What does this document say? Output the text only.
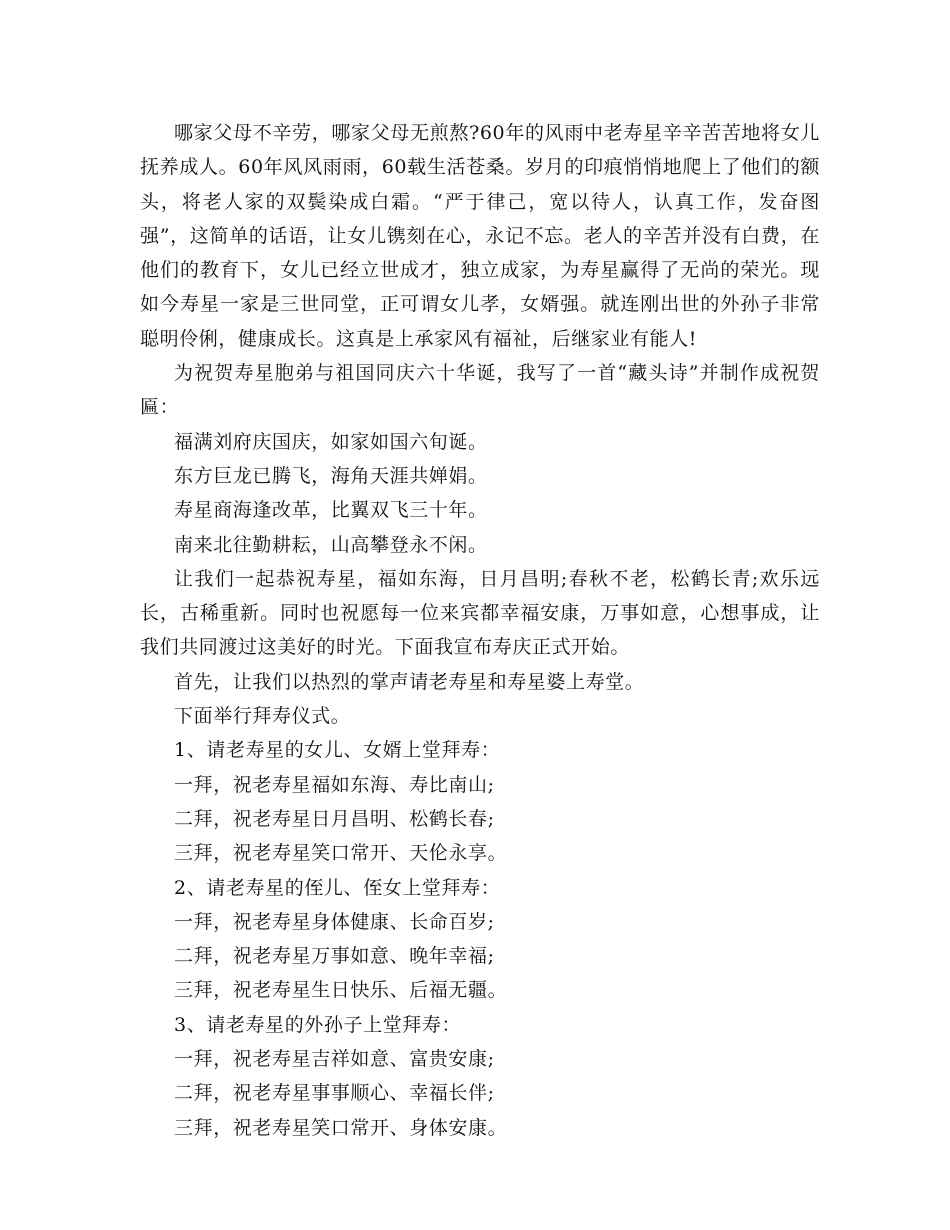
哪家父母不辛劳，哪家父母无煎熬?60年的风雨中老寿星辛辛苦苦地将女儿抚养成人。60年风风雨雨，60载生活苍桑。岁月的印痕悄悄地爬上了他们的额头，将老人家的双鬓染成白霜。“严于律己，宽以待人，认真工作，发奋图强”，这简单的话语，让女儿镌刻在心，永记不忘。老人的辛苦并没有白费，在他们的教育下，女儿已经立世成才，独立成家，为寿星赢得了无尚的荣光。现如今寿星一家是三世同堂，正可谓女儿孝，女婿强。就连刚出世的外孙子非常聪明伶俐，健康成长。这真是上承家风有福祉，后继家业有能人!

为祝贺寿星胞弟与祖国同庆六十华诞，我写了一首“藏头诗”并制作成祝贺匾：

福满刘府庆国庆，如家如国六旬诞。

东方巨龙已腾飞，海角天涯共婵娟。

寿星商海逢改革，比翼双飞三十年。

南来北往勤耕耘，山高攀登永不闲。

让我们一起恭祝寿星，福如东海，日月昌明;春秋不老，松鹤长青;欢乐远长，古稀重新。同时也祝愿每一位来宾都幸福安康，万事如意，心想事成，让我们共同渡过这美好的时光。下面我宣布寿庆正式开始。

首先，让我们以热烈的掌声请老寿星和寿星婆上寿堂。

下面举行拜寿仪式。

1、请老寿星的女儿、女婿上堂拜寿：

一拜，祝老寿星福如东海、寿比南山;

二拜，祝老寿星日月昌明、松鹤长春;

三拜，祝老寿星笑口常开、天伦永享。

2、请老寿星的侄儿、侄女上堂拜寿：

一拜，祝老寿星身体健康、长命百岁;

二拜，祝老寿星万事如意、晚年幸福;

三拜，祝老寿星生日快乐、后福无疆。

3、请老寿星的外孙子上堂拜寿：

一拜，祝老寿星吉祥如意、富贵安康;

二拜，祝老寿星事事顺心、幸福长伴;

三拜，祝老寿星笑口常开、身体安康。
